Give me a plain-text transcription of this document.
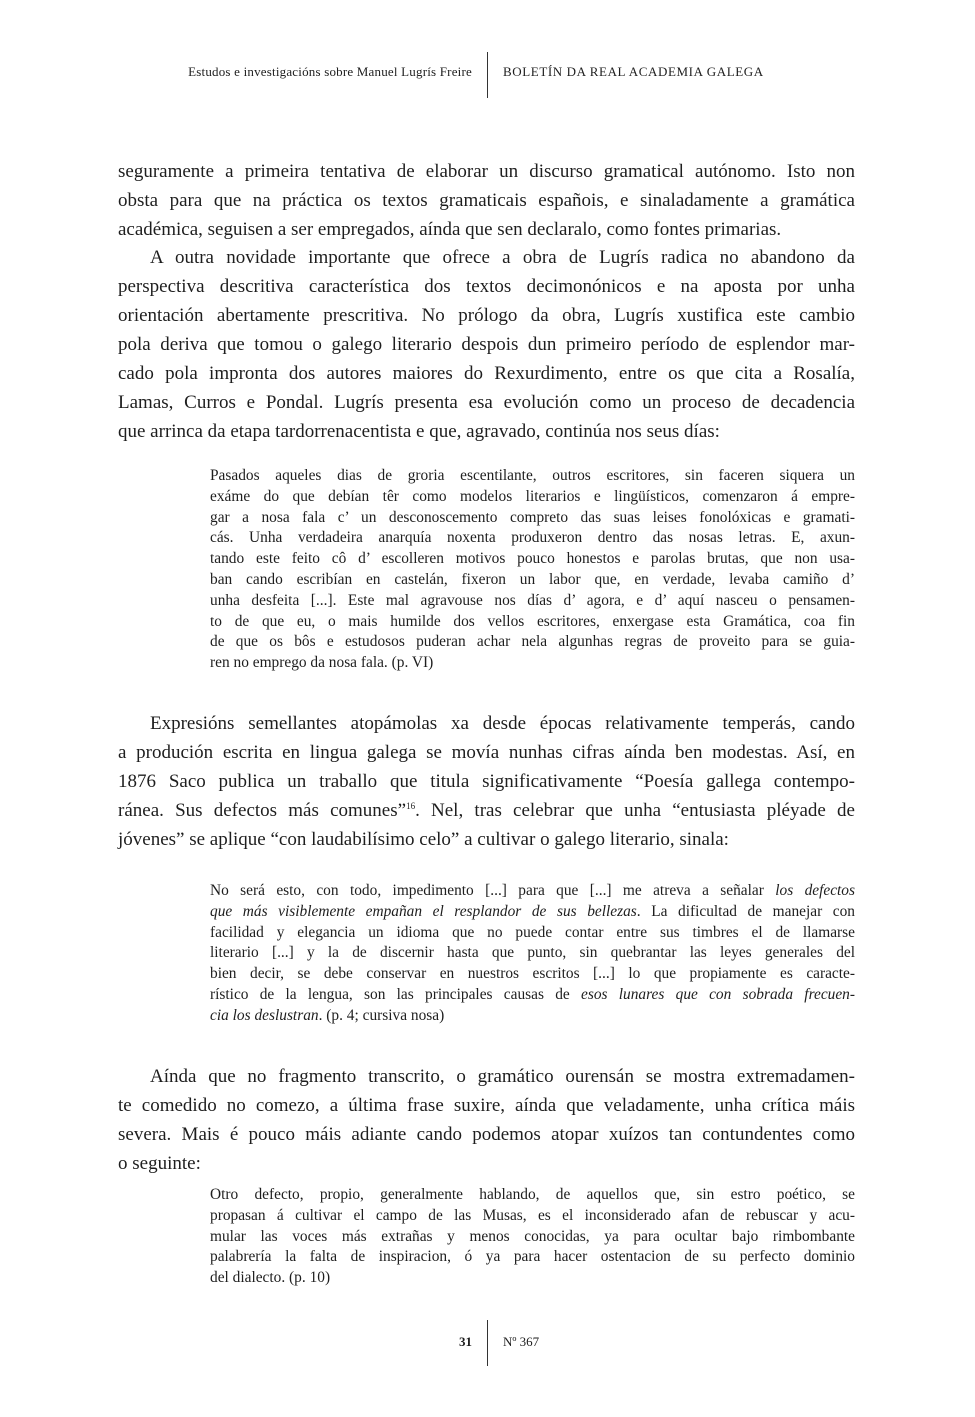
Estudos e investigacións sobre Manuel Lugrís Freire BOLETÍN DA REAL ACADEMIA GALEGA
seguramente a primeira tentativa de elaborar un discurso gramatical autónomo. Isto non
obsta para que na práctica os textos gramaticais españois, e sinaladamente a gramática
académica, seguisen a ser empregados, aínda que sen declaralo, como fontes primarias.
A outra novidade importante que ofrece a obra de Lugrís radica no abandono da
perspectiva descritiva característica dos textos decimonónicos e na aposta por unha
orientación abertamente prescritiva. No prólogo da obra, Lugrís xustifica este cambio
pola deriva que tomou o galego literario despois dun primeiro período de esplendor mar-
cado pola impronta dos autores maiores do Rexurdimento, entre os que cita a Rosalía,
Lamas, Curros e Pondal. Lugrís presenta esa evolución como un proceso de decadencia
que arrinca da etapa tardorrenacentista e que, agravado, continúa nos seus días:
Pasados aqueles dias de groria escentilante, outros escritores, sin faceren siquera un
exáme do que debían têr como modelos literarios e lingüísticos, comenzaron á empre-
gar a nosa fala c’ un desconoscemento compreto das suas leises fonolóxicas e gramati-
cás. Unha verdadeira anarquía noxenta produxeron dentro das nosas letras. E, axun-
tando este feito cô d’ escolleren motivos pouco honestos e parolas brutas, que non usa-
ban cando escribían en castelán, fixeron un labor que, en verdade, levaba camiño d’
unha desfeita [...]. Este mal agravouse nos días d’ agora, e d’ aquí nasceu o pensamen-
to de que eu, o mais humilde dos vellos escritores, enxergase esta Gramática, coa fin
de que os bôs e estudosos puderan achar nela algunhas regras de proveito para se guia-
ren no emprego da nosa fala. (p. VI)
Expresións semellantes atopámolas xa desde épocas relativamente temperás, cando
a produción escrita en lingua galega se movía nunhas cifras aínda ben modestas. Así, en
1876 Saco publica un traballo que titula significativamente “Poesía gallega contempo-
ránea. Sus defectos más comunes”$^{16}$. Nel, tras celebrar que unha “entusiasta pléyade de
jóvenes” se aplique “con laudabilísimo celo” a cultivar o galego literario, sinala:
No será esto, con todo, impedimento [...] para que [...] me atreva a señalar los defectos
que más visiblemente empañan el resplandor de sus bellezas. La dificultad de manejar con
facilidad y elegancia un idioma que no puede contar entre sus timbres el de llamarse
literario [...] y la de discernir hasta que punto, sin quebrantar las leyes generales del
bien decir, se debe conservar en nuestros escritos [...] lo que propiamente es caracte-
rístico de la lengua, son las principales causas de esos lunares que con sobrada frecuen-
cia los deslustran. (p. 4; cursiva nosa)
Aínda que no fragmento transcrito, o gramático ourensán se mostra extremadamen-
te comedido no comezo, a última frase suxire, aínda que veladamente, unha crítica máis
severa. Mais é pouco máis adiante cando podemos atopar xuízos tan contundentes como
o seguinte:
Otro defecto, propio, generalmente hablando, de aquellos que, sin estro poético, se
propasan á cultivar el campo de las Musas, es el inconsiderado afan de rebuscar y acu-
mular las voces más extrañas y menos conocidas, ya para ocultar bajo rimbombante
palabrería la falta de inspiracion, ó ya para hacer ostentacion de su perfecto dominio
del dialecto. (p. 10)
31 Nº 367
